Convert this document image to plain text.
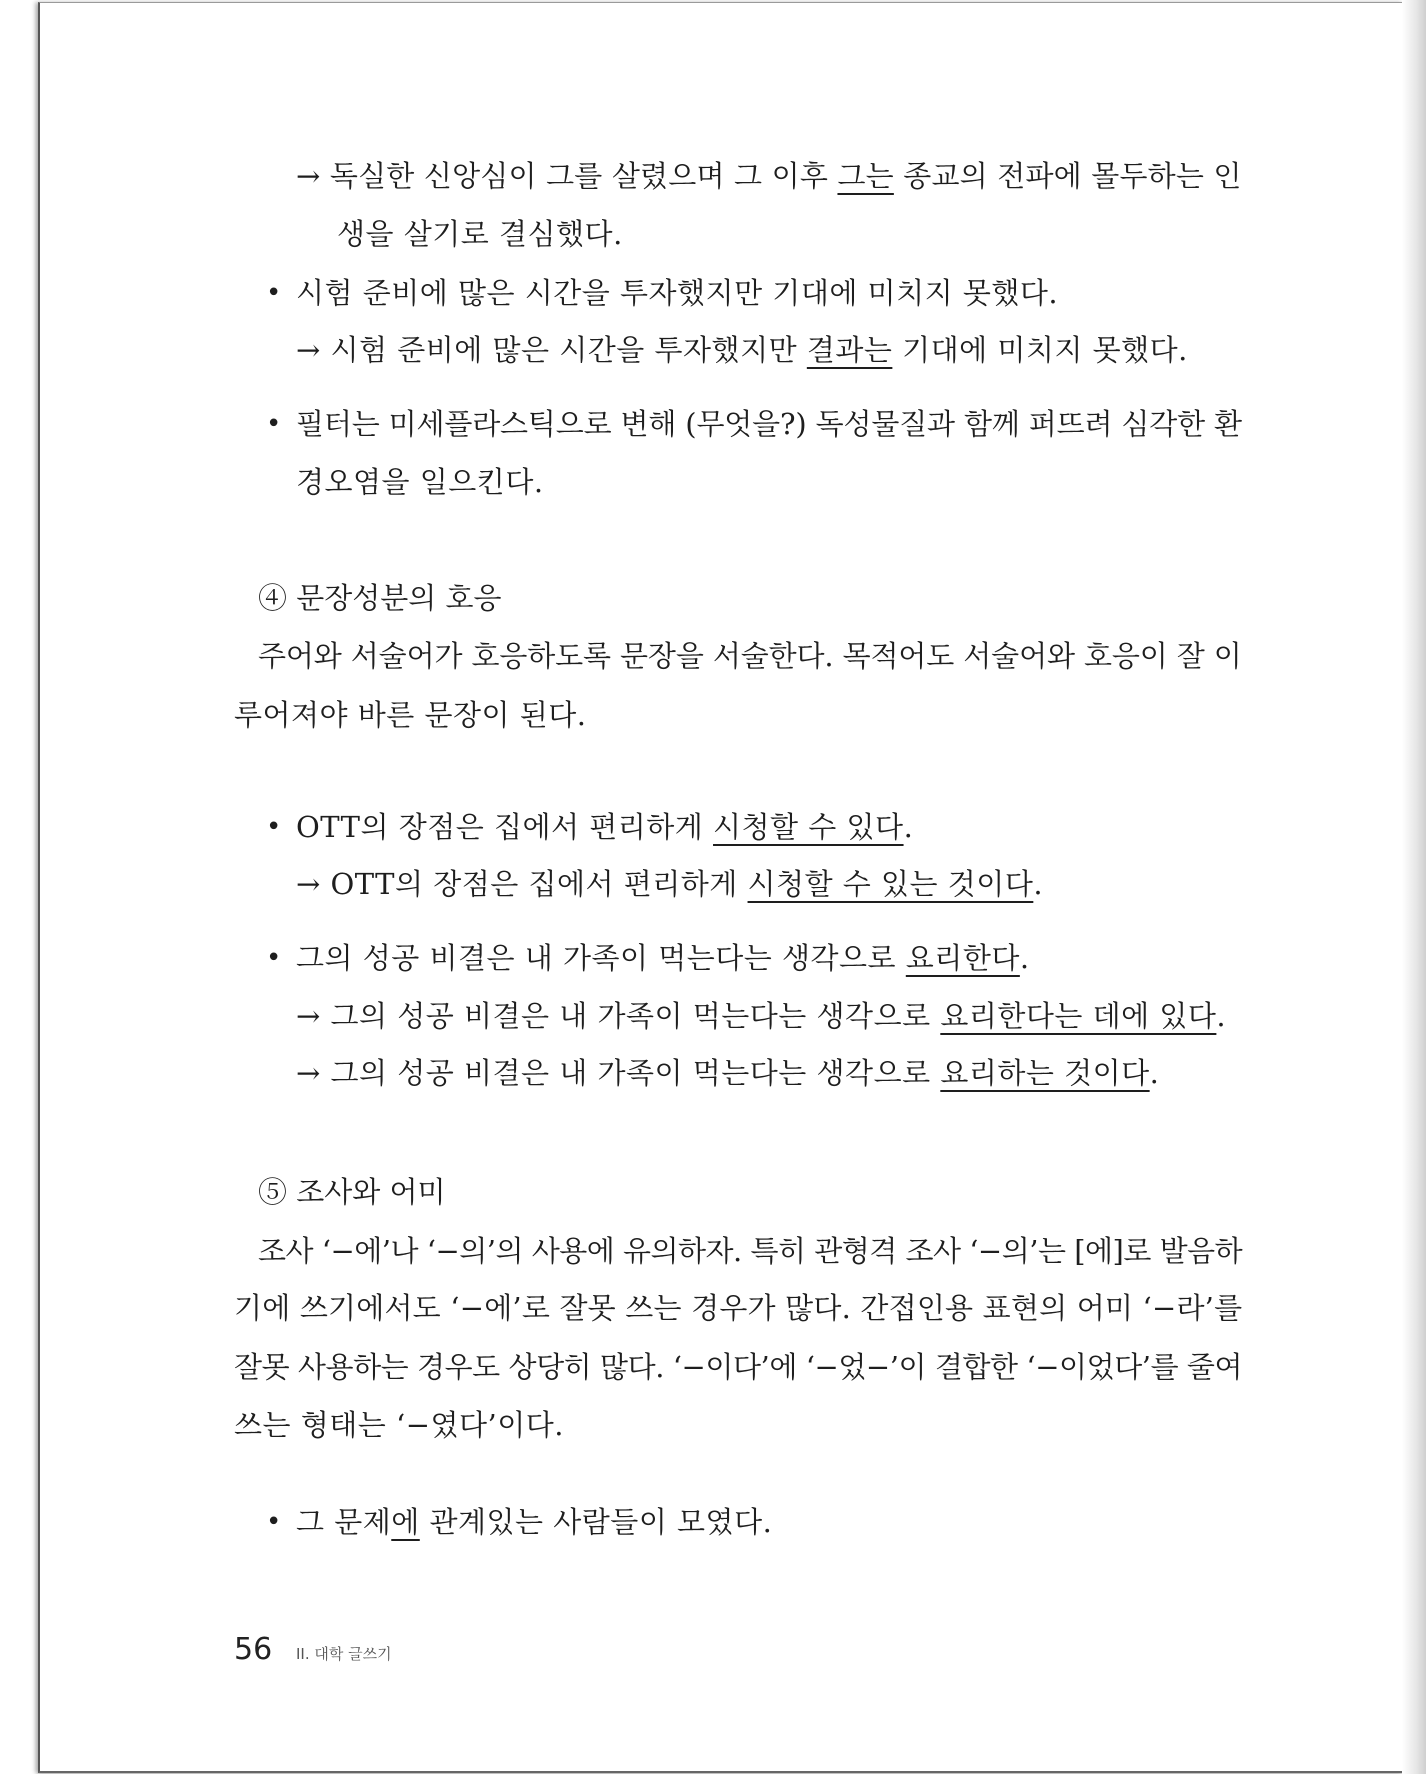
→ 독실한 신앙심이 그를 살렸으며 그 이후 그는 종교의 전파에 몰두하는 인
생을 살기로 결심했다.
• 시험 준비에 많은 시간을 투자했지만 기대에 미치지 못했다.
→ 시험 준비에 많은 시간을 투자했지만 결과는 기대에 미치지 못했다.
• 필터는 미세플라스틱으로 변해 (무엇을?) 독성물질과 함께 퍼뜨려 심각한 환
경오염을 일으킨다.
④ 문장성분의 호응
주어와 서술어가 호응하도록 문장을 서술한다. 목적어도 서술어와 호응이 잘 이
루어져야 바른 문장이 된다.
• OTT의 장점은 집에서 편리하게 시청할 수 있다.
→ OTT의 장점은 집에서 편리하게 시청할 수 있는 것이다.
• 그의 성공 비결은 내 가족이 먹는다는 생각으로 요리한다.
→ 그의 성공 비결은 내 가족이 먹는다는 생각으로 요리한다는 데에 있다.
→ 그의 성공 비결은 내 가족이 먹는다는 생각으로 요리하는 것이다.
⑤ 조사와 어미
조사 ‘−에’나 ‘−의’의 사용에 유의하자. 특히 관형격 조사 ‘−의’는 [에]로 발음하
기에 쓰기에서도 ‘−에’로 잘못 쓰는 경우가 많다. 간접인용 표현의 어미 ‘−라’를
잘못 사용하는 경우도 상당히 많다. ‘−이다’에 ‘−었−’이 결합한 ‘−이었다’를 줄여
쓰는 형태는 ‘−였다’이다.
• 그 문제에 관계있는 사람들이 모였다.
56 II. 대학 글쓰기
